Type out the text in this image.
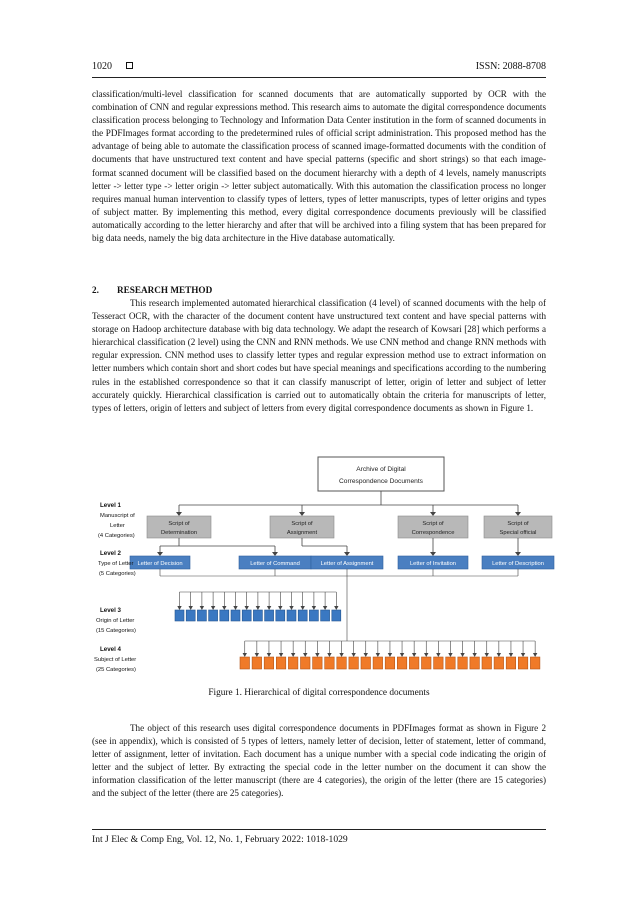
1020	ISSN: 2088-8708

classification/multi-level classification for scanned documents that are automatically supported by OCR with the combination of CNN and regular expressions method. This research aims to automate the digital correspondence documents classification process belonging to Technology and Information Data Center institution in the form of scanned documents in the PDFImages format according to the predetermined rules of official script administration. This proposed method has the advantage of being able to automate the classification process of scanned image-formatted documents with the condition of documents that have unstructured text content and have special patterns (specific and short strings) so that each image-format scanned document will be classified based on the document hierarchy with a depth of 4 levels, namely manuscripts letter -> letter type -> letter origin -> letter subject automatically. With this automation the classification process no longer requires manual human intervention to classify types of letters, types of letter manuscripts, types of letter origins and types of subject matter. By implementing this method, every digital correspondence documents previously will be classified automatically according to the letter hierarchy and after that will be archived into a filing system that has been prepared for big data needs, namely the big data architecture in the Hive database automatically.

2. RESEARCH METHOD

This research implemented automated hierarchical classification (4 level) of scanned documents with the help of Tesseract OCR, with the character of the document content have unstructured text content and have special patterns with storage on Hadoop architecture database with big data technology. We adapt the research of Kowsari [28] which performs a hierarchical classification (2 level) using the CNN and RNN methods. We use CNN method and change RNN methods with regular expression. CNN method uses to classify letter types and regular expression method use to extract information on letter numbers which contain short and short codes but have special meanings and specifications according to the numbering rules in the established correspondence so that it can classify manuscript of letter, origin of letter and subject of letter accurately quickly. Hierarchical classification is carried out to automatically obtain the criteria for manuscripts of letter, types of letters, origin of letters and subject of letters from every digital correspondence documents as shown in Figure 1.

Archive of Digital
Correspondence Documents
Script of
Determination
Script of
Assignment
Script of
Correspondence
Script of
Special official
Letter of Decision	Letter of Command	Letter of Assignment	Letter of Invitation	Letter of Description
Level 1
Manuscript of
Letter
(4 Categories)
Level 2
Type of Letter
(5 Categories)
Level 3
Origin of Letter
(15 Categories)
Level 4
Subject of Letter
(25 Categories)
Figure 1. Hierarchical of digital correspondence documents

The object of this research uses digital correspondence documents in PDFImages format as shown in Figure 2 (see in appendix), which is consisted of 5 types of letters, namely letter of decision, letter of statement, letter of command, letter of assignment, letter of invitation. Each document has a unique number with a special code indicating the origin of letter and the subject of letter. By extracting the special code in the letter number on the document it can show the information classification of the letter manuscript (there are 4 categories), the origin of the letter (there are 15 categories) and the subject of the letter (there are 25 categories).

Int J Elec & Comp Eng, Vol. 12, No. 1, February 2022: 1018-1029
